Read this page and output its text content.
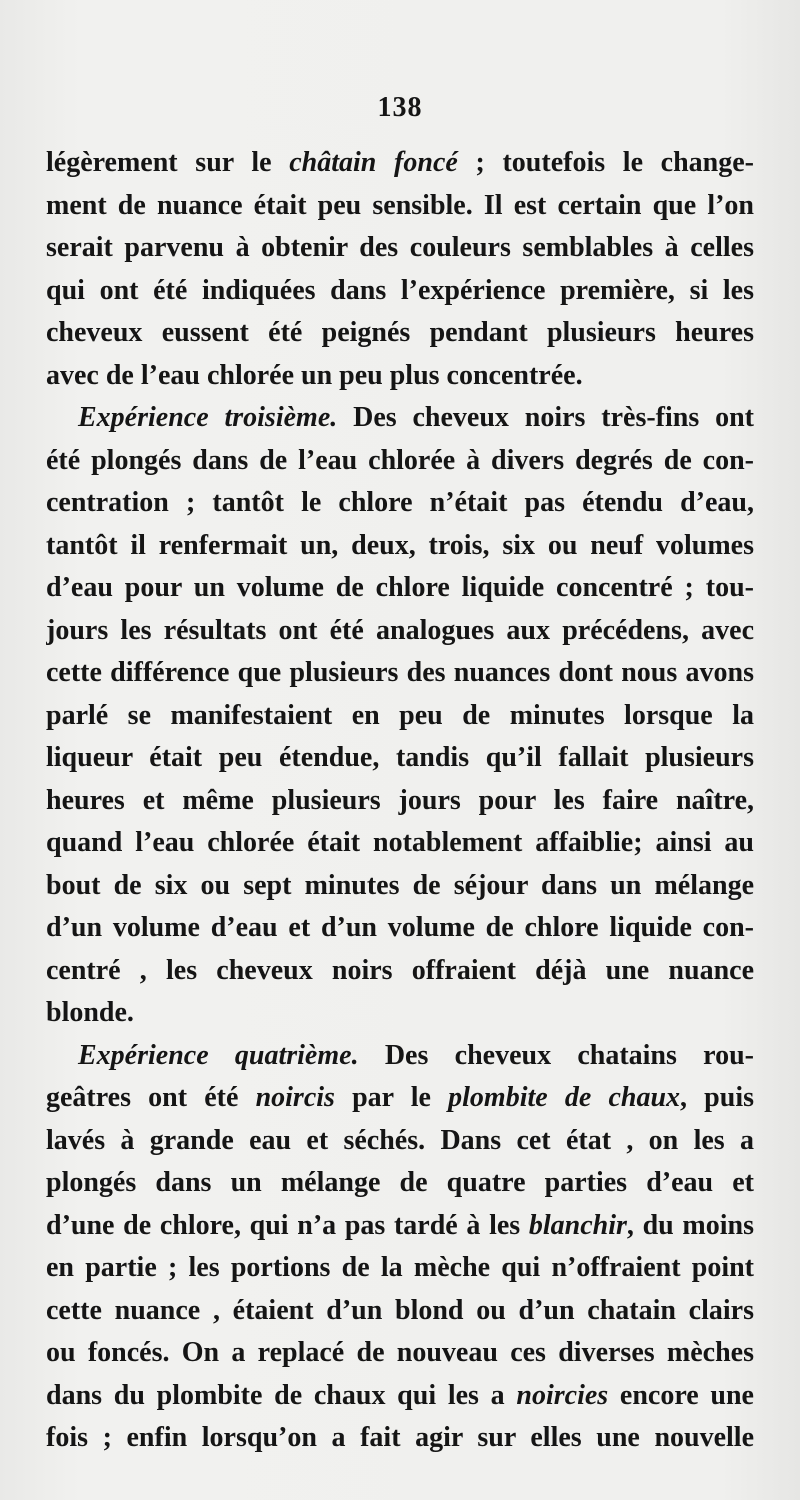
138
légèrement sur le châtain foncé ; toutefois le change-
ment de nuance était peu sensible. Il est certain que l’on
serait parvenu à obtenir des couleurs semblables à celles
qui ont été indiquées dans l’expérience première, si les
cheveux eussent été peignés pendant plusieurs heures
avec de l’eau chlorée un peu plus concentrée.
Expérience troisième. Des cheveux noirs très-fins ont
été plongés dans de l’eau chlorée à divers degrés de con-
centration ; tantôt le chlore n’était pas étendu d’eau,
tantôt il renfermait un, deux, trois, six ou neuf volumes
d’eau pour un volume de chlore liquide concentré ; tou-
jours les résultats ont été analogues aux précédens, avec
cette différence que plusieurs des nuances dont nous avons
parlé se manifestaient en peu de minutes lorsque la
liqueur était peu étendue, tandis qu’il fallait plusieurs
heures et même plusieurs jours pour les faire naître,
quand l’eau chlorée était notablement affaiblie; ainsi au
bout de six ou sept minutes de séjour dans un mélange
d’un volume d’eau et d’un volume de chlore liquide con-
centré , les cheveux noirs offraient déjà une nuance
blonde.
Expérience quatrième. Des cheveux chatains rou-
geâtres ont été noircis par le plombite de chaux, puis
lavés à grande eau et séchés. Dans cet état , on les a
plongés dans un mélange de quatre parties d’eau et
d’une de chlore, qui n’a pas tardé à les blanchir, du moins
en partie ; les portions de la mèche qui n’offraient point
cette nuance , étaient d’un blond ou d’un chatain clairs
ou foncés. On a replacé de nouveau ces diverses mèches
dans du plombite de chaux qui les a noircies encore une
fois ; enfin lorsqu’on a fait agir sur elles une nouvelle
